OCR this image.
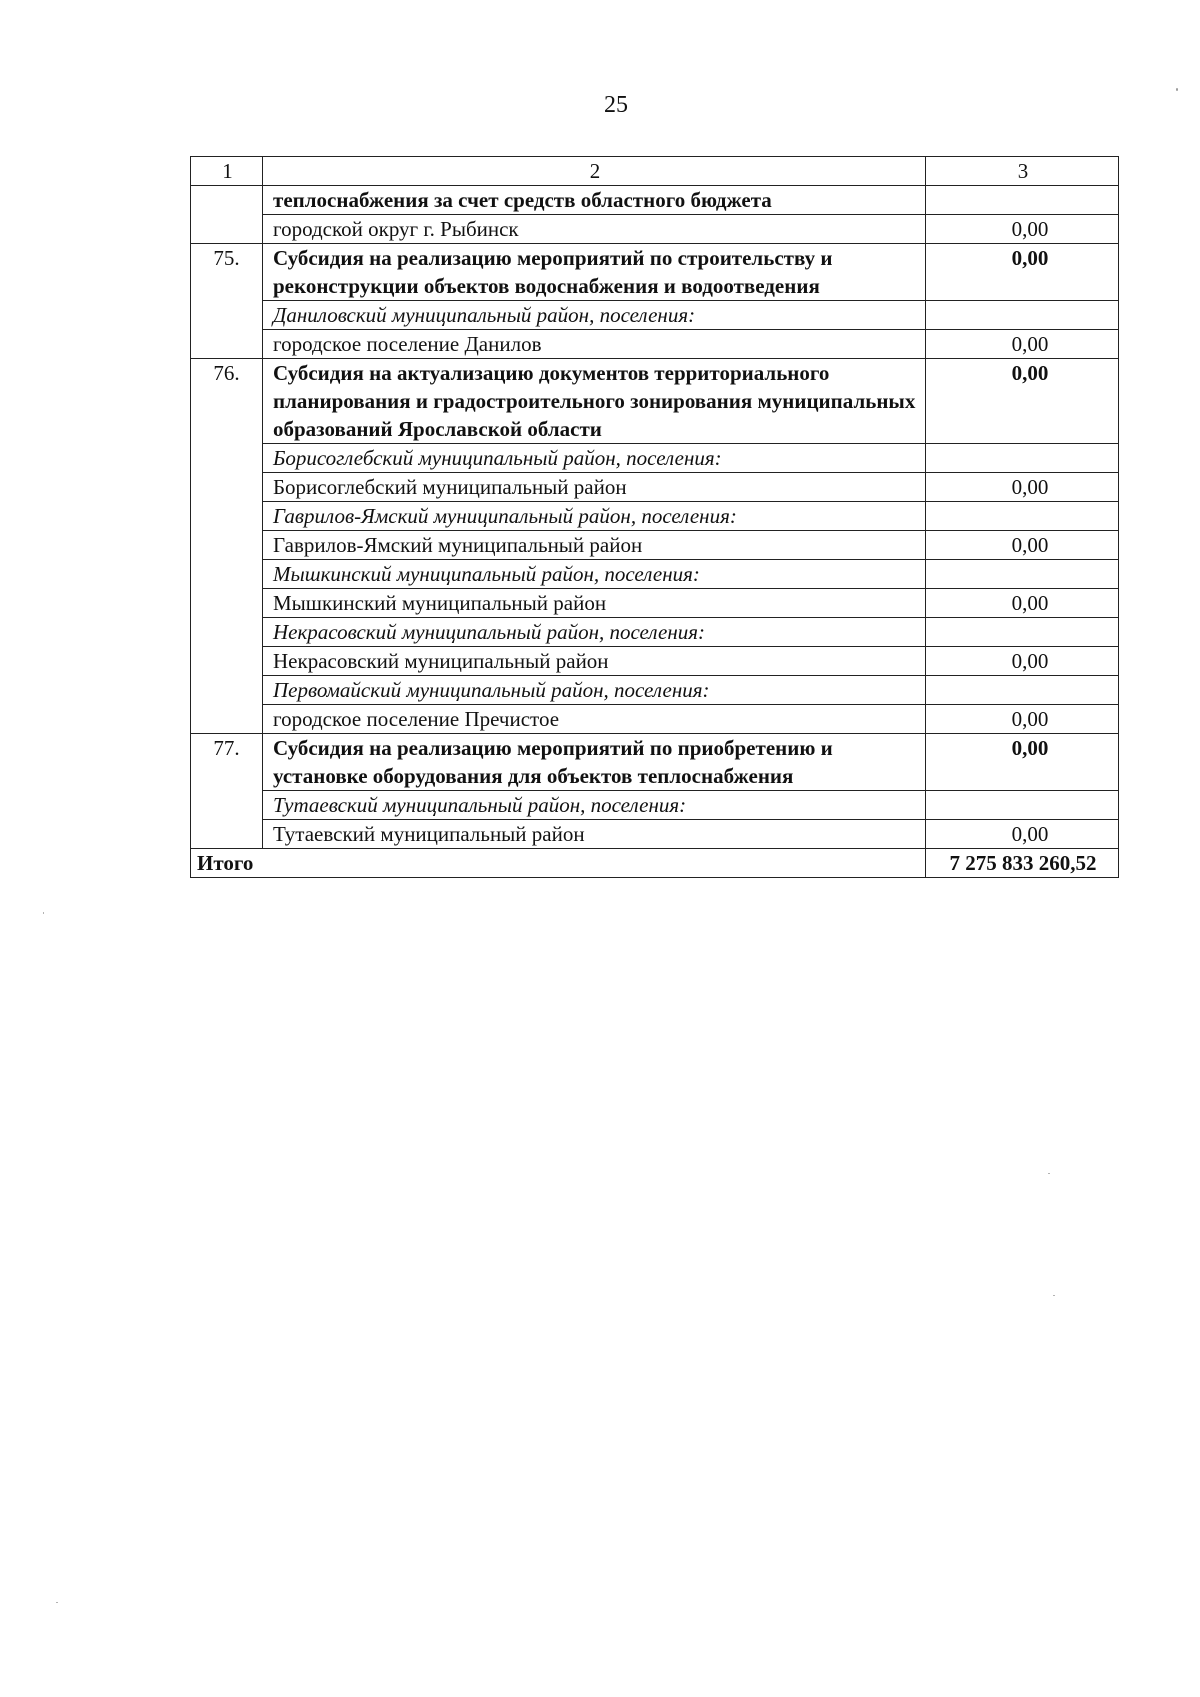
25
1	2	3
	теплоснабжения за счет средств областного бюджета	
	городской округ г. Рыбинск	0,00
75.	Субсидия на реализацию мероприятий по строительству и реконструкции объектов водоснабжения и водоотведения	0,00
	Даниловский муниципальный район, поселения:	
	городское поселение Данилов	0,00
76.	Субсидия на актуализацию документов территориального планирования и градостроительного зонирования муниципальных образований Ярославской области	0,00
	Борисоглебский муниципальный район, поселения:	
	Борисоглебский муниципальный район	0,00
	Гаврилов-Ямский муниципальный район, поселения:	
	Гаврилов-Ямский муниципальный район	0,00
	Мышкинский муниципальный район, поселения:	
	Мышкинский муниципальный район	0,00
	Некрасовский муниципальный район, поселения:	
	Некрасовский муниципальный район	0,00
	Первомайский муниципальный район, поселения:	
	городское поселение Пречистое	0,00
77.	Субсидия на реализацию мероприятий по приобретению и установке оборудования для объектов теплоснабжения	0,00
	Тутаевский муниципальный район, поселения:	
	Тутаевский муниципальный район	0,00
Итого		7 275 833 260,52
